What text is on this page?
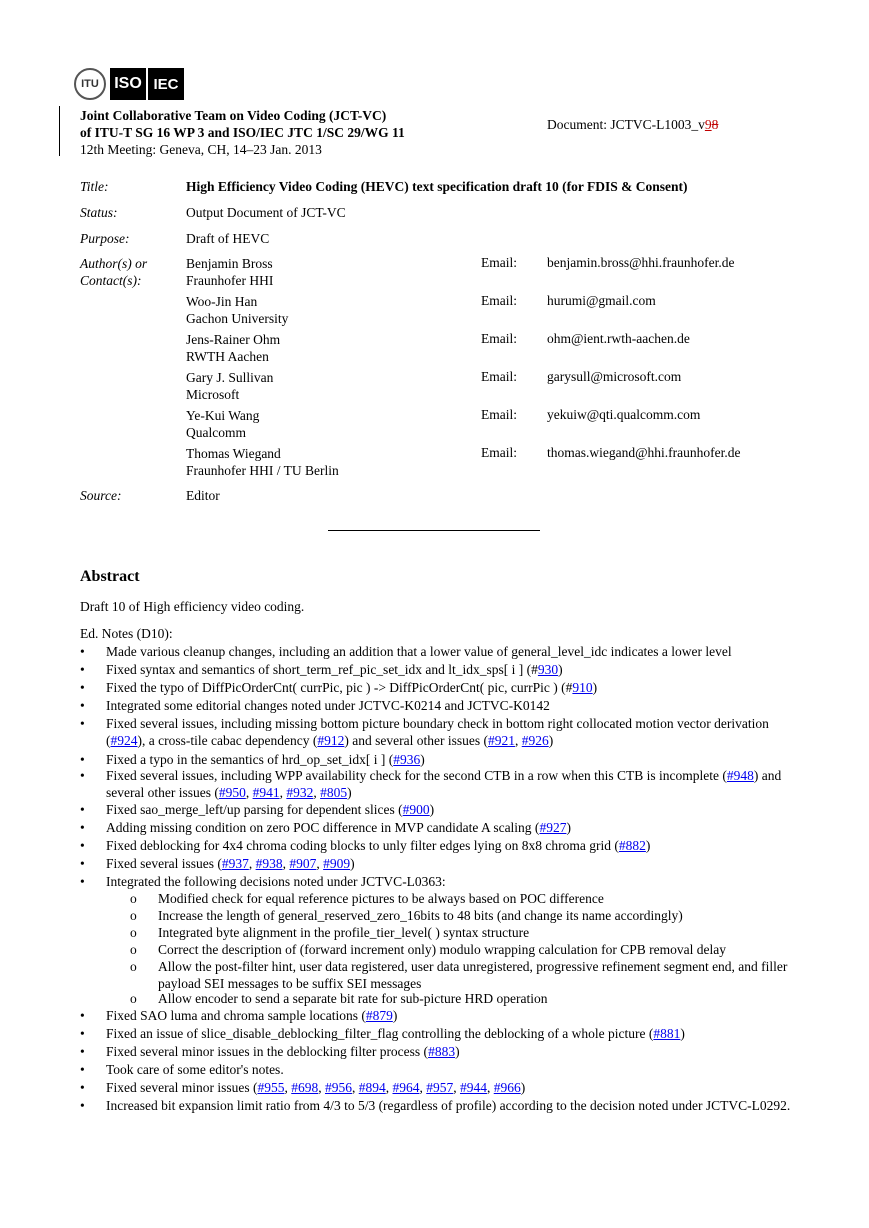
ITU ISO IEC
Joint Collaborative Team on Video Coding (JCT-VC)
of ITU-T SG 16 WP 3 and ISO/IEC JTC 1/SC 29/WG 11
12th Meeting: Geneva, CH, 14–23 Jan. 2013
Document: JCTVC-L1003_v98
Title:	High Efficiency Video Coding (HEVC) text specification draft 10 (for FDIS & Consent)
Status:	Output Document of JCT-VC
Purpose:	Draft of HEVC
Author(s) or
Contact(s):
Benjamin Bross
Fraunhofer HHI
Email: benjamin.bross@hhi.fraunhofer.de
Woo-Jin Han
Gachon University
Email: hurumi@gmail.com
Jens-Rainer Ohm
RWTH Aachen
Email: ohm@ient.rwth-aachen.de
Gary J. Sullivan
Microsoft
Email: garysull@microsoft.com
Ye-Kui Wang
Qualcomm
Email: yekuiw@qti.qualcomm.com
Thomas Wiegand
Fraunhofer HHI / TU Berlin
Email: thomas.wiegand@hhi.fraunhofer.de
Source:	Editor
Abstract
Draft 10 of High efficiency video coding.
Ed. Notes (D10):
•	Made various cleanup changes, including an addition that a lower value of general_level_idc indicates a lower level
•	Fixed syntax and semantics of short_term_ref_pic_set_idx and lt_idx_sps[ i ] (#930)
•	Fixed the typo of DiffPicOrderCnt( currPic, pic ) -> DiffPicOrderCnt( pic, currPic ) (#910)
•	Integrated some editorial changes noted under JCTVC-K0214 and JCTVC-K0142
•	Fixed several issues, including missing bottom picture boundary check in bottom right collocated motion vector derivation (#924), a cross-tile cabac dependency (#912) and several other issues (#921, #926)
•	Fixed a typo in the semantics of hrd_op_set_idx[ i ] (#936)
•	Fixed several issues, including WPP availability check for the second CTB in a row when this CTB is incomplete (#948) and several other issues (#950, #941, #932, #805)
•	Fixed sao_merge_left/up parsing for dependent slices (#900)
•	Adding missing condition on zero POC difference in MVP candidate A scaling (#927)
•	Fixed deblocking for 4x4 chroma coding blocks to unly filter edges lying on 8x8 chroma grid (#882)
•	Fixed several issues (#937, #938, #907, #909)
•	Integrated the following decisions noted under JCTVC-L0363:
o Modified check for equal reference pictures to be always based on POC difference
o Increase the length of general_reserved_zero_16bits to 48 bits (and change its name accordingly)
o Integrated byte alignment in the profile_tier_level( ) syntax structure
o Correct the description of (forward increment only) modulo wrapping calculation for CPB removal delay
o Allow the post-filter hint, user data registered, user data unregistered, progressive refinement segment end, and filler payload SEI messages to be suffix SEI messages
o Allow encoder to send a separate bit rate for sub-picture HRD operation
•	Fixed SAO luma and chroma sample locations (#879)
•	Fixed an issue of slice_disable_deblocking_filter_flag controlling the deblocking of a whole picture (#881)
•	Fixed several minor issues in the deblocking filter process (#883)
•	Took care of some editor's notes.
•	Fixed several minor issues (#955, #698, #956, #894, #964, #957, #944, #966)
•	Increased bit expansion limit ratio from 4/3 to 5/3 (regardless of profile) according to the decision noted under JCTVC-L0292.
